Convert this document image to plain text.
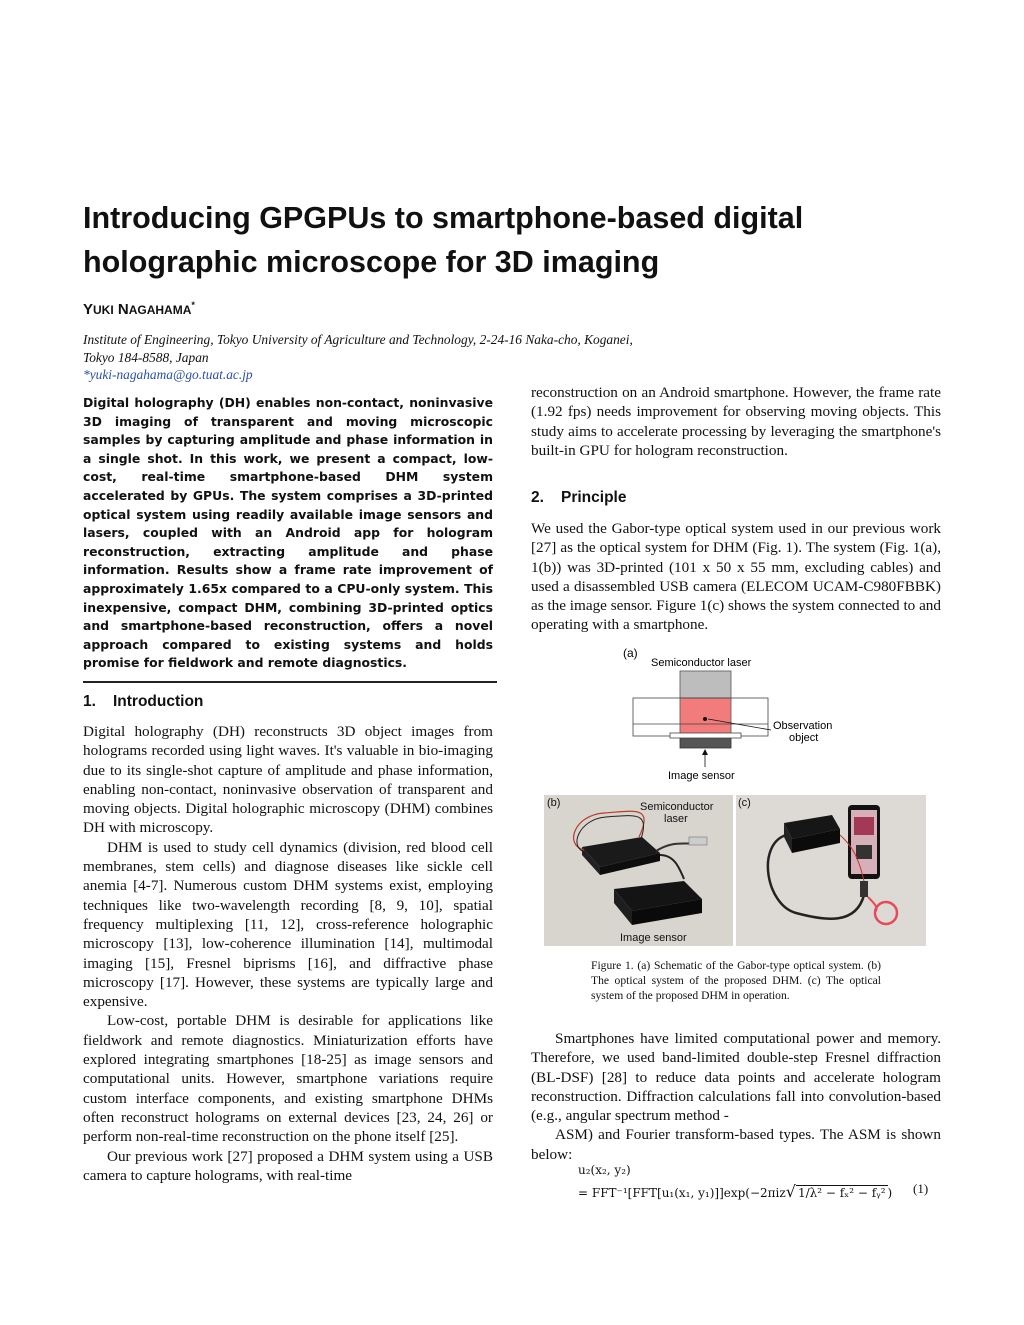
Introducing GPGPUs to smartphone-based digital holographic microscope for 3D imaging
YUKI NAGAHAMA*
Institute of Engineering, Tokyo University of Agriculture and Technology, 2-24-16 Naka-cho, Koganei,
Tokyo 184-8588, Japan
*yuki-nagahama@go.tuat.ac.jp
Digital holography (DH) enables non-contact, noninvasive 3D imaging of transparent and moving microscopic samples by capturing amplitude and phase information in a single shot. In this work, we present a compact, low-cost, real-time smartphone-based DHM system accelerated by GPUs. The system comprises a 3D-printed optical system using readily available image sensors and lasers, coupled with an Android app for hologram reconstruction, extracting amplitude and phase information. Results show a frame rate improvement of approximately 1.65x compared to a CPU-only system. This inexpensive, compact DHM, combining 3D-printed optics and smartphone-based reconstruction, offers a novel approach compared to existing systems and holds promise for fieldwork and remote diagnostics.
1. Introduction

Digital holography (DH) reconstructs 3D object images from holograms recorded using light waves. It's valuable in bio-imaging due to its single-shot capture of amplitude and phase information, enabling non-contact, noninvasive observation of transparent and moving objects. Digital holographic microscopy (DHM) combines DH with microscopy.

DHM is used to study cell dynamics (division, red blood cell membranes, stem cells) and diagnose diseases like sickle cell anemia [4-7]. Numerous custom DHM systems exist, employing techniques like two-wavelength recording [8, 9, 10], spatial frequency multiplexing [11, 12], cross-reference holographic microscopy [13], low-coherence illumination [14], multimodal imaging [15], Fresnel biprisms [16], and diffractive phase microscopy [17]. However, these systems are typically large and expensive.

Low-cost, portable DHM is desirable for applications like fieldwork and remote diagnostics. Miniaturization efforts have explored integrating smartphones [18-25] as image sensors and computational units. However, smartphone variations require custom interface components, and existing smartphone DHMs often reconstruct holograms on external devices [23, 24, 26] or perform non-real-time reconstruction on the phone itself [25].

Our previous work [27] proposed a DHM system using a USB camera to capture holograms, with real-time

reconstruction on an Android smartphone. However, the frame rate (1.92 fps) needs improvement for observing moving objects. This study aims to accelerate processing by leveraging the smartphone's built-in GPU for hologram reconstruction.

2. Principle

We used the Gabor-type optical system used in our previous work [27] as the optical system for DHM (Fig. 1). The system (Fig. 1(a), 1(b)) was 3D-printed (101 x 50 x 55 mm, excluding cables) and used a disassembled USB camera (ELECOM UCAM-C980FBBK) as the image sensor. Figure 1(c) shows the system connected to and operating with a smartphone.

(a)
Semiconductor laser
Observation
object
Image sensor
(b)	Semiconductor
laser
Image sensor
(c)
Figure 1. (a) Schematic of the Gabor-type optical system. (b) The optical system of the proposed DHM. (c) The optical system of the proposed DHM in operation.

Smartphones have limited computational power and memory. Therefore, we used band-limited double-step Fresnel diffraction (BL-DSF) [28] to reduce data points and accelerate hologram reconstruction. Diffraction calculations fall into convolution-based (e.g., angular spectrum method -

ASM) and Fourier transform-based types. The ASM is shown below:

u₂(x₂, y₂)
= FFT⁻¹[FFT[u₁(x₁, y₁)]]exp(−2πiz√ 1/λ² − fₓ² − fᵧ² )	(1)
